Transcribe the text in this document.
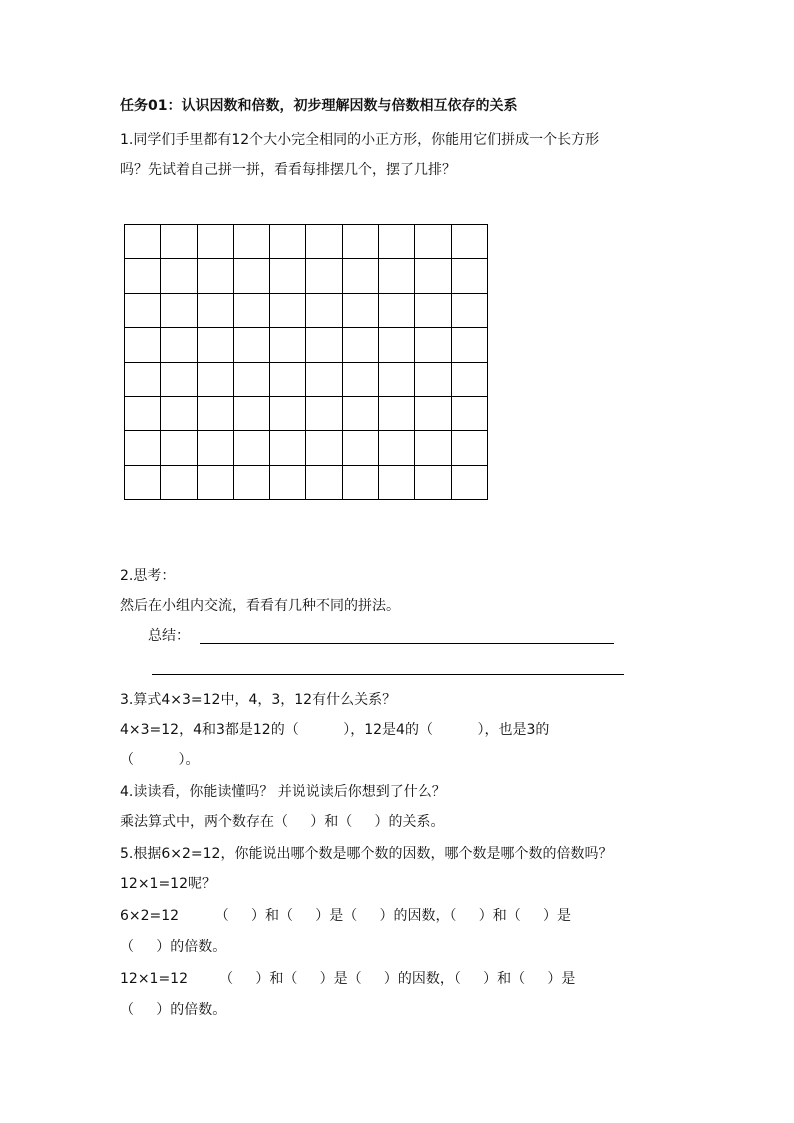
任务01：认识因数和倍数，初步理解因数与倍数相互依存的关系
1.同学们手里都有12个大小完全相同的小正方形，你能用它们拼成一个长方形
吗？先试着自己拼一拼，看看每排摆几个，摆了几排？
2.思考：
然后在小组内交流，看看有几种不同的拼法。
总结：
3.算式4×3=12中，4，3，12有什么关系？
4×3=12，4和3都是12的（          ），12是4的（          ），也是3的
（          ）。
4.读读看，你能读懂吗？ 并说说读后你想到了什么？
乘法算式中，两个数存在（     ）和（     ）的关系。
5.根据6×2=12，你能说出哪个数是哪个数的因数，哪个数是哪个数的倍数吗？
12×1=12呢？
6×2=12        （     ）和（     ）是（     ）的因数，（     ）和（     ）是
（     ）的倍数。
12×1=12       （     ）和（     ）是（     ）的因数，（     ）和（     ）是
（     ）的倍数。
